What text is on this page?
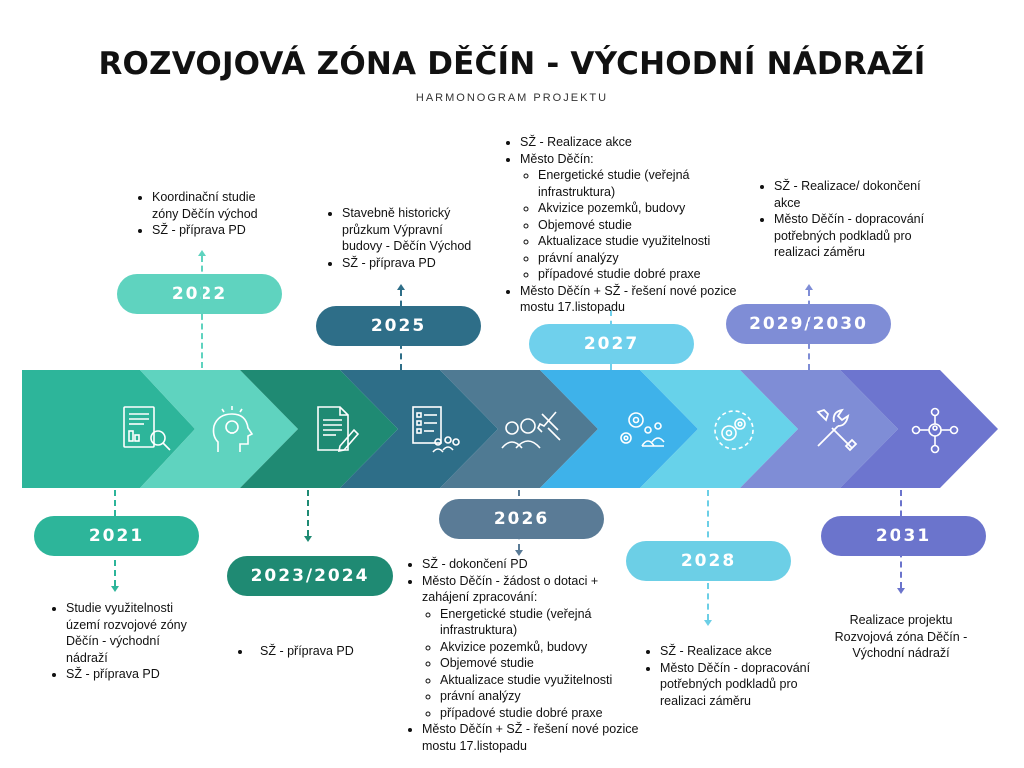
ROZVOJOVÁ ZÓNA DĚČÍN - VÝCHODNÍ NÁDRAŽÍ
HARMONOGRAM PROJEKTU
2021
• Studie využitelnosti území rozvojové zóny Děčín - východní nádraží
• SŽ - příprava PD
2022
• Koordinační studie zóny Děčín východ
• SŽ - příprava PD
2023/2024
• SŽ - příprava PD
2025
• Stavebně historický průzkum Výpravní budovy - Děčín Východ
• SŽ - příprava PD
2026
• SŽ - dokončení PD
• Město Děčín - žádost o dotaci + zahájení zpracování:
◦ Energetické studie (veřejná infrastruktura)
◦ Akvizice pozemků, budovy
◦ Objemové studie
◦ Aktualizace studie využitelnosti
◦ právní analýzy
◦ případové studie dobré praxe
• Město Děčín + SŽ - řešení nové pozice mostu 17.listopadu
2027
• SŽ - Realizace akce
• Město Děčín:
◦ Energetické studie (veřejná infrastruktura)
◦ Akvizice pozemků, budovy
◦ Objemové studie
◦ Aktualizace studie využitelnosti
◦ právní analýzy
◦ případové studie dobré praxe
• Město Děčín + SŽ - řešení nové pozice mostu 17.listopadu
2028
• SŽ - Realizace akce
• Město Děčín - dopracování potřebných podkladů pro realizaci záměru
2029/2030
• SŽ - Realizace/ dokončení akce
• Město Děčín - dopracování potřebných podkladů pro realizaci záměru
2031
Realizace projektu Rozvojová zóna Děčín - Východní nádraží
